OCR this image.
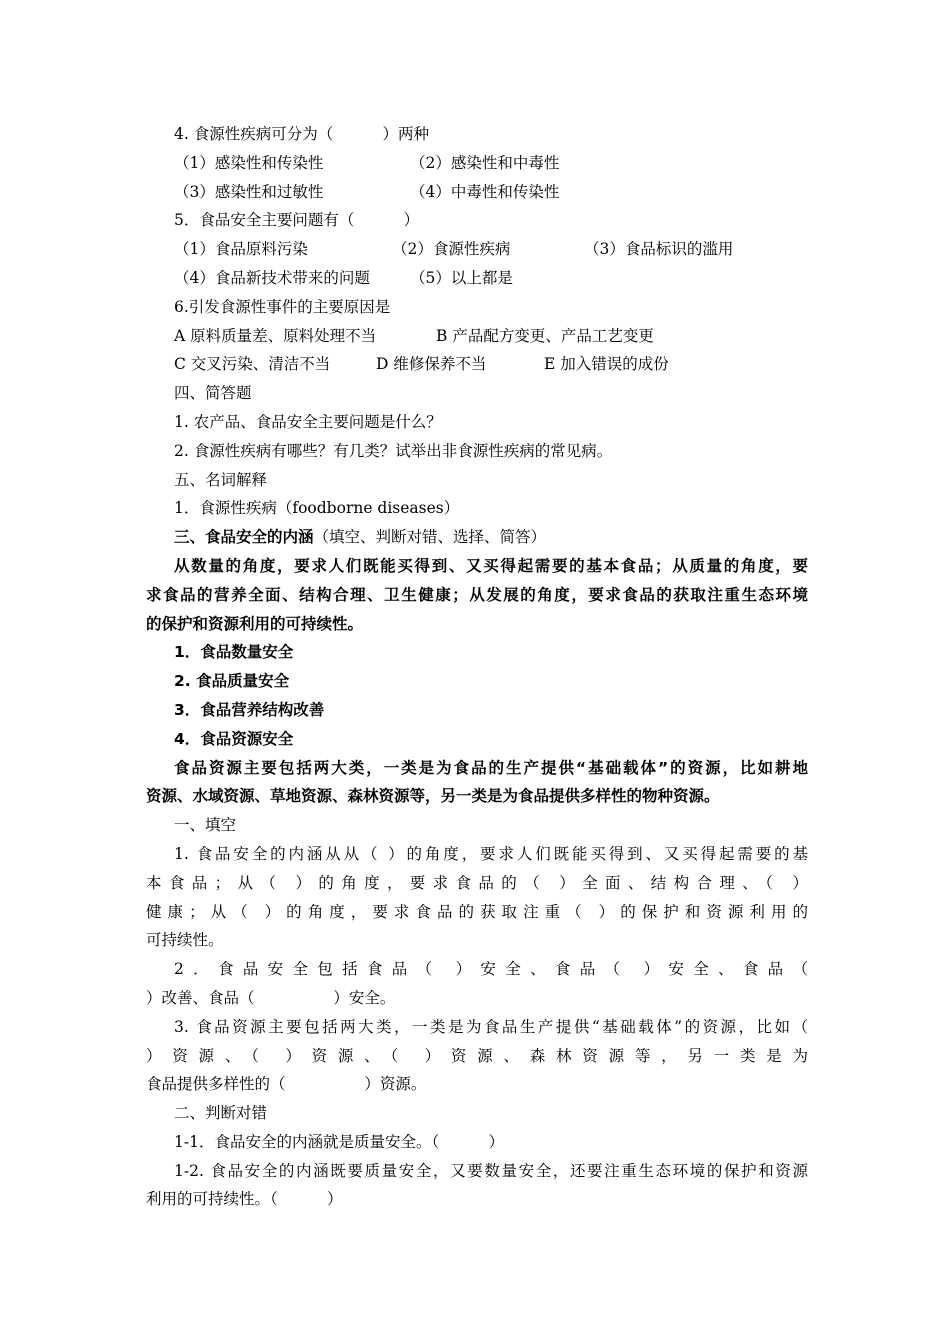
4. 食源性疾病可分为（          ）两种
（1）感染性和传染性	（2）感染性和中毒性
（3）感染性和过敏性	（4）中毒性和传染性
5．食品安全主要问题有（          ）
（1）食品原料污染	（2）食源性疾病	（3）食品标识的滥用
（4）食品新技术带来的问题	（5）以上都是
6.引发食源性事件的主要原因是
A 原料质量差、原料处理不当	B 产品配方变更、产品工艺变更
C 交叉污染、清洁不当	D 维修保养不当	E 加入错误的成份
四、简答题
1. 农产品、食品安全主要问题是什么？
2. 食源性疾病有哪些？有几类？试举出非食源性疾病的常见病。
五、名词解释
1．食源性疾病（foodborne diseases）
三、食品安全的内涵（填空、判断对错、选择、简答）
从数量的角度，要求人们既能买得到、又买得起需要的基本食品；从质量的角度，要
求食品的营养全面、结构合理、卫生健康；从发展的角度，要求食品的获取注重生态环境
的保护和资源利用的可持续性。
1．食品数量安全
2. 食品质量安全
3．食品营养结构改善
4．食品资源安全
食品资源主要包括两大类，一类是为食品的生产提供“基础载体”的资源，比如耕地
资源、水域资源、草地资源、森林资源等，另一类是为食品提供多样性的物种资源。
一、填空
1. 食品安全的内涵从从（ ）的角度，要求人们既能买得到、又买得起需要的基
本食品；从（ ）的角度，要求食品的（ ）全面、结构合理、（ ）
健康；从（ ）的角度，要求食品的获取注重（ ）的保护和资源利用的
可持续性。
2．食品安全包括食品（ ）安全、食品（ ）安全、食品（
）改善、食品（                ）安全。
3. 食品资源主要包括两大类，一类是为食品生产提供“基础载体”的资源，比如（
）资源、（ ）资源、（ ）资源、森林资源等，另一类是为
食品提供多样性的（                ）资源。
二、判断对错
1-1．食品安全的内涵就是质量安全。（          ）
1-2. 食品安全的内涵既要质量安全，又要数量安全，还要注重生态环境的保护和资源
利用的可持续性。（          ）
